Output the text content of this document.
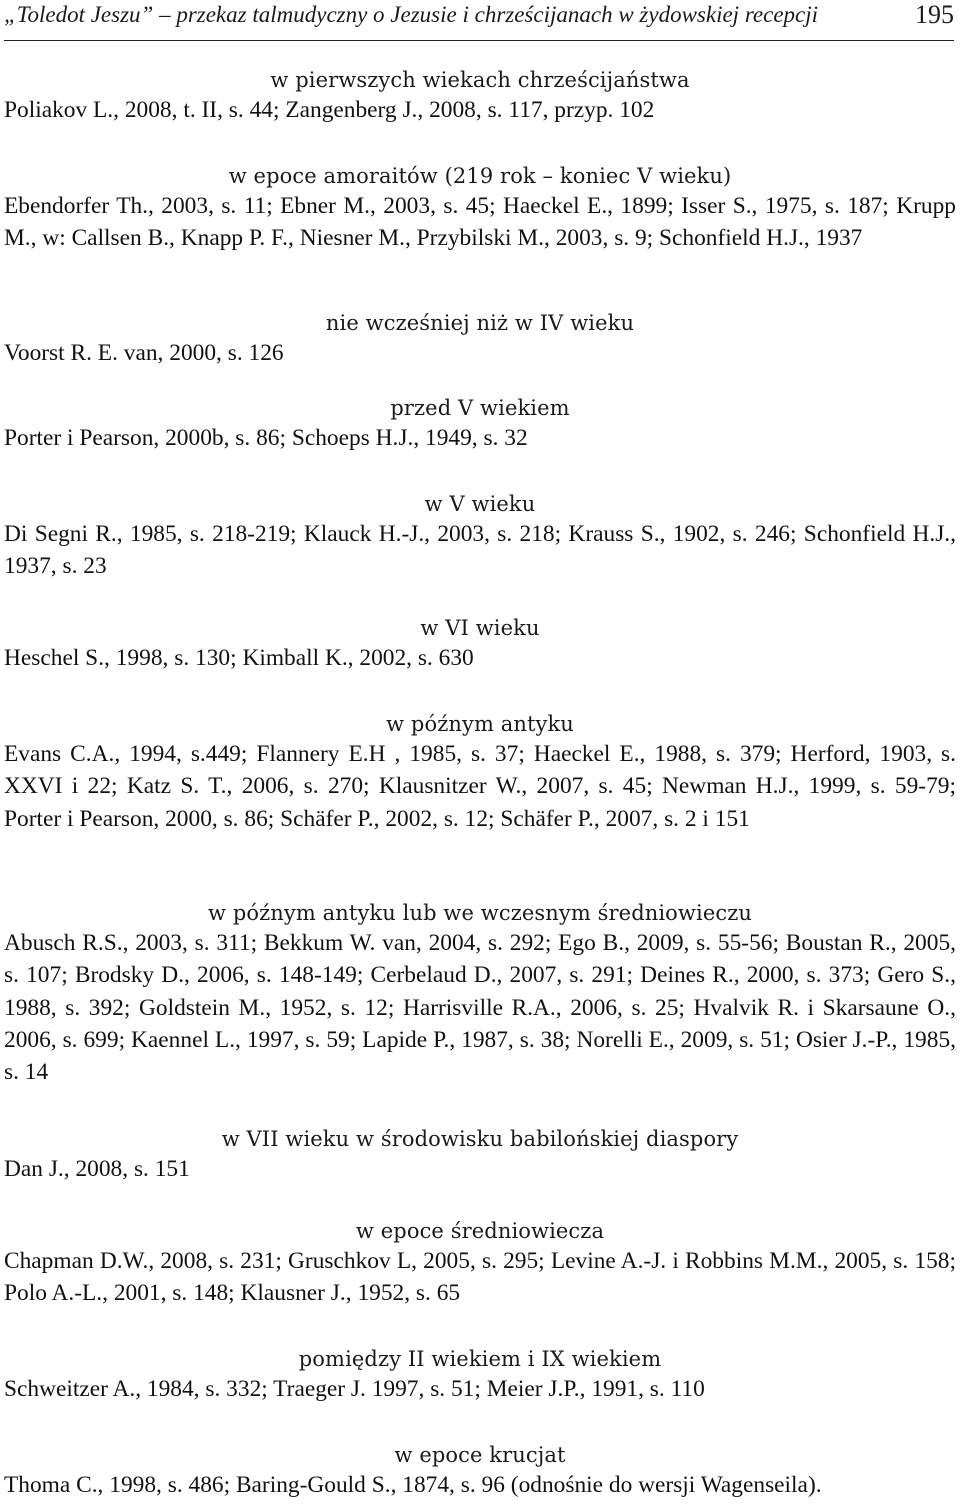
„Toledot Jeszu” – przekaz talmudyczny o Jezusie i chrześcijanach w żydowskiej recepcji	195
w pierwszych wiekach chrześcijaństwa

Poliakov L., 2008, t. II, s. 44; Zangenberg J., 2008, s. 117, przyp. 102

w epoce amoraitów (219 rok – koniec V wieku)

Ebendorfer Th., 2003, s. 11; Ebner M., 2003, s. 45; Haeckel E., 1899; Isser S., 1975, s. 187; Krupp M., w: Callsen B., Knapp P. F., Niesner M., Przybilski M., 2003, s. 9; Schonfield H.J., 1937

nie wcześniej niż w IV wieku

Voorst R. E. van, 2000, s. 126

przed V wiekiem

Porter i Pearson, 2000b, s. 86; Schoeps H.J., 1949, s. 32

w V wieku

Di Segni R., 1985, s. 218-219; Klauck H.-J., 2003, s. 218; Krauss S., 1902, s. 246; Schonfield H.J., 1937, s. 23

w VI wieku

Heschel S., 1998, s. 130; Kimball K., 2002, s. 630

w późnym antyku

Evans C.A., 1994, s.449; Flannery E.H , 1985, s. 37; Haeckel E., 1988, s. 379; Herford, 1903, s. XXVI i 22; Katz S. T., 2006, s. 270; Klausnitzer W., 2007, s. 45; Newman H.J., 1999, s. 59-79; Porter i Pearson, 2000, s. 86; Schäfer P., 2002, s. 12; Schäfer P., 2007, s. 2 i 151

w późnym antyku lub we wczesnym średniowieczu

Abusch R.S., 2003, s. 311; Bekkum W. van, 2004, s. 292; Ego B., 2009, s. 55-56; Boustan R., 2005, s. 107; Brodsky D., 2006, s. 148-149; Cerbelaud D., 2007, s. 291; Deines R., 2000, s. 373; Gero S., 1988, s. 392; Goldstein M., 1952, s. 12; Harrisville R.A., 2006, s. 25; Hvalvik R. i Skarsaune O., 2006, s. 699; Kaennel L., 1997, s. 59; Lapide P., 1987, s. 38; Norelli E., 2009, s. 51; Osier J.-P., 1985, s. 14

w VII wieku w środowisku babilońskiej diaspory

Dan J., 2008, s. 151

w epoce średniowiecza

Chapman D.W., 2008, s. 231; Gruschkov L, 2005, s. 295; Levine A.-J. i Robbins M.M., 2005, s. 158; Polo A.-L., 2001, s. 148; Klausner J., 1952, s. 65

pomiędzy II wiekiem i IX wiekiem

Schweitzer A., 1984, s. 332; Traeger J. 1997, s. 51; Meier J.P., 1991, s. 110

w epoce krucjat

Thoma C., 1998, s. 486; Baring-Gould S., 1874, s. 96 (odnośnie do wersji Wagenseila).
